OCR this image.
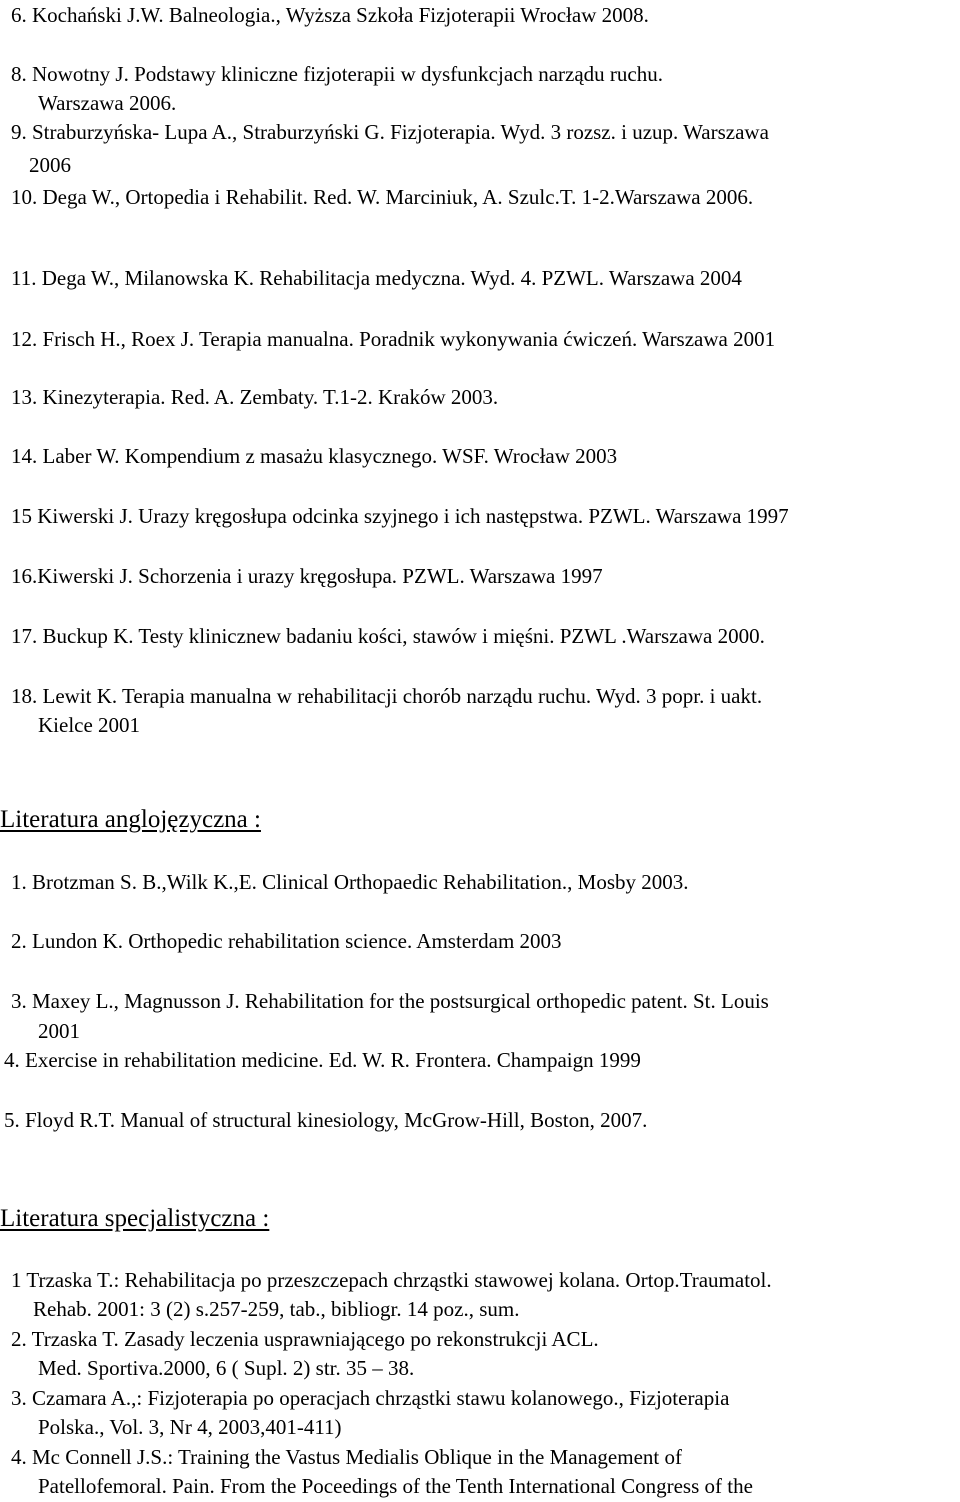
6. Kochański J.W. Balneologia., Wyższa Szkoła Fizjoterapii Wrocław 2008.
8. Nowotny J. Podstawy kliniczne fizjoterapii w dysfunkcjach narządu ruchu.
Warszawa 2006.
9. Straburzyńska- Lupa A., Straburzyński G. Fizjoterapia. Wyd. 3 rozsz. i uzup. Warszawa
2006
10. Dega W., Ortopedia i Rehabilit. Red. W. Marciniuk, A. Szulc.T. 1-2.Warszawa 2006.
11. Dega W., Milanowska K. Rehabilitacja medyczna. Wyd. 4. PZWL. Warszawa 2004
12. Frisch H., Roex J. Terapia manualna. Poradnik wykonywania ćwiczeń. Warszawa 2001
13. Kinezyterapia. Red. A. Zembaty. T.1-2. Kraków 2003.
14. Laber W. Kompendium z masażu klasycznego. WSF. Wrocław 2003
15 Kiwerski J. Urazy kręgosłupa odcinka szyjnego i ich następstwa. PZWL. Warszawa 1997
16.Kiwerski J. Schorzenia i urazy kręgosłupa. PZWL. Warszawa 1997
17. Buckup K. Testy klinicznew badaniu kości, stawów i mięśni. PZWL .Warszawa 2000.
18. Lewit K. Terapia manualna w rehabilitacji chorób narządu ruchu. Wyd. 3 popr. i uakt.
Kielce 2001
Literatura anglojęzyczna :
1. Brotzman S. B.,Wilk K.,E. Clinical Orthopaedic Rehabilitation., Mosby 2003.
2. Lundon K. Orthopedic rehabilitation science. Amsterdam 2003
3. Maxey L., Magnusson J. Rehabilitation for the postsurgical orthopedic patent. St. Louis
2001
4. Exercise in rehabilitation medicine. Ed. W. R. Frontera. Champaign 1999
5. Floyd R.T. Manual of structural kinesiology, McGrow-Hill, Boston, 2007.
Literatura specjalistyczna :
1 Trzaska T.: Rehabilitacja po przeszczepach chrząstki stawowej kolana. Ortop.Traumatol.
Rehab. 2001: 3 (2) s.257-259, tab., bibliogr. 14 poz., sum.
2. Trzaska T. Zasady leczenia usprawniającego po rekonstrukcji ACL.
Med. Sportiva.2000, 6 ( Supl. 2) str. 35 – 38.
3. Czamara A.,: Fizjoterapia po operacjach chrząstki stawu kolanowego., Fizjoterapia
Polska., Vol. 3, Nr 4, 2003,401-411)
4. Mc Connell J.S.: Training the Vastus Medialis Oblique in the Management of
Patellofemoral. Pain. From the Poceedings of the Tenth International Congress of the
